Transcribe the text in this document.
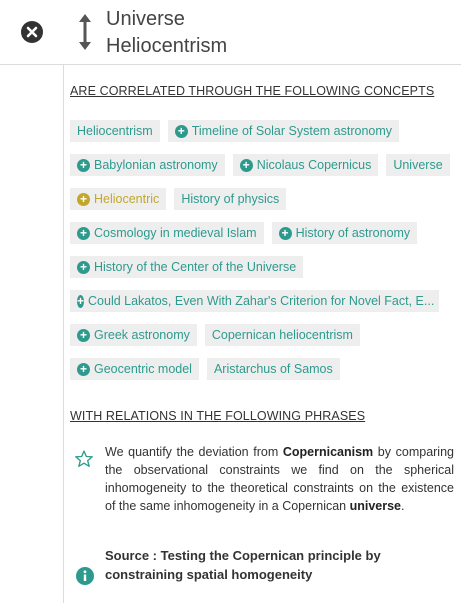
Universe
Heliocentrism
ARE CORRELATED THROUGH THE FOLLOWING CONCEPTS
Heliocentrism + Timeline of Solar System astronomy
+ Babylonian astronomy + Nicolaus Copernicus Universe
+ Heliocentric History of physics
+ Cosmology in medieval Islam + History of astronomy
+ History of the Center of the Universe
+ Could Lakatos, Even With Zahar's Criterion for Novel Fact, E...
+ Greek astronomy Copernican heliocentrism
+ Geocentric model Aristarchus of Samos
WITH RELATIONS IN THE FOLLOWING PHRASES
We quantify the deviation from Copernicanism by comparing the observational constraints we find on the spherical inhomogeneity to the theoretical constraints on the existence of the same inhomogeneity in a Copernican universe.
Source : Testing the Copernican principle by constraining spatial homogeneity
